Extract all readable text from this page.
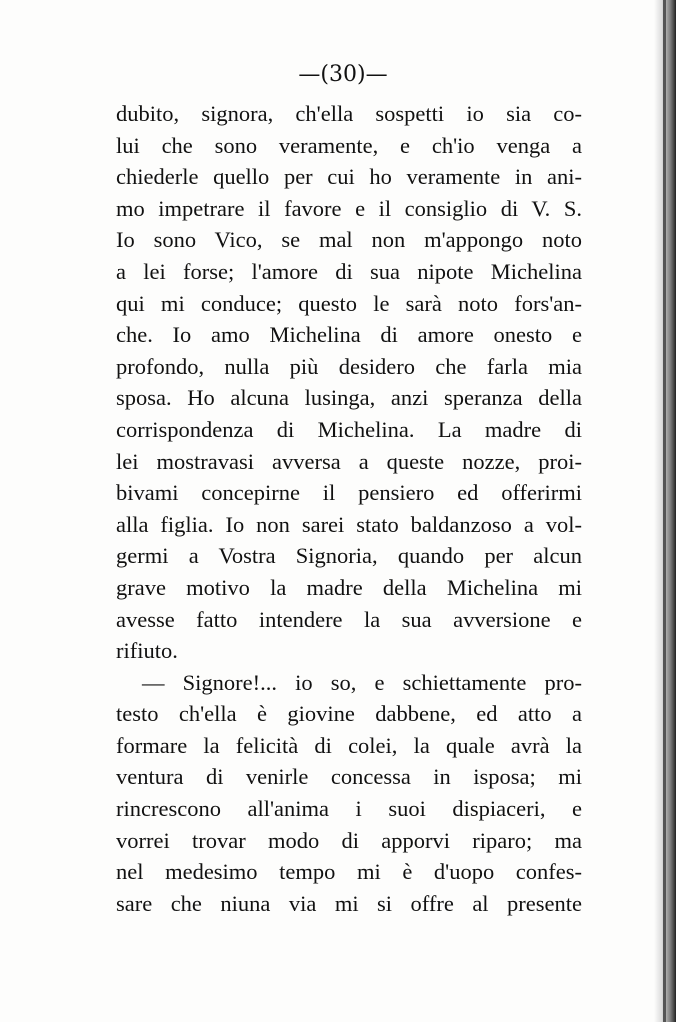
—(30)—
dubito, signora, ch'ella sospetti io sia co-
lui che sono veramente, e ch'io venga a
chiederle quello per cui ho veramente in ani-
mo impetrare il favore e il consiglio di V. S.
Io sono Vico, se mal non m'appongo noto
a lei forse; l'amore di sua nipote Michelina
qui mi conduce; questo le sarà noto fors'an-
che. Io amo Michelina di amore onesto e
profondo, nulla più desidero che farla mia
sposa. Ho alcuna lusinga, anzi speranza della
corrispondenza di Michelina. La madre di
lei mostravasi avversa a queste nozze, proi-
bivami concepirne il pensiero ed offerirmi
alla figlia. Io non sarei stato baldanzoso a vol-
germi a Vostra Signoria, quando per alcun
grave motivo la madre della Michelina mi
avesse fatto intendere la sua avversione e
rifiuto.
— Signore!... io so, e schiettamente pro-
testo ch'ella è giovine dabbene, ed atto a
formare la felicità di colei, la quale avrà la
ventura di venirle concessa in isposa; mi
rincrescono all'anima i suoi dispiaceri, e
vorrei trovar modo di apporvi riparo; ma
nel medesimo tempo mi è d'uopo confes-
sare che niuna via mi si offre al presente
